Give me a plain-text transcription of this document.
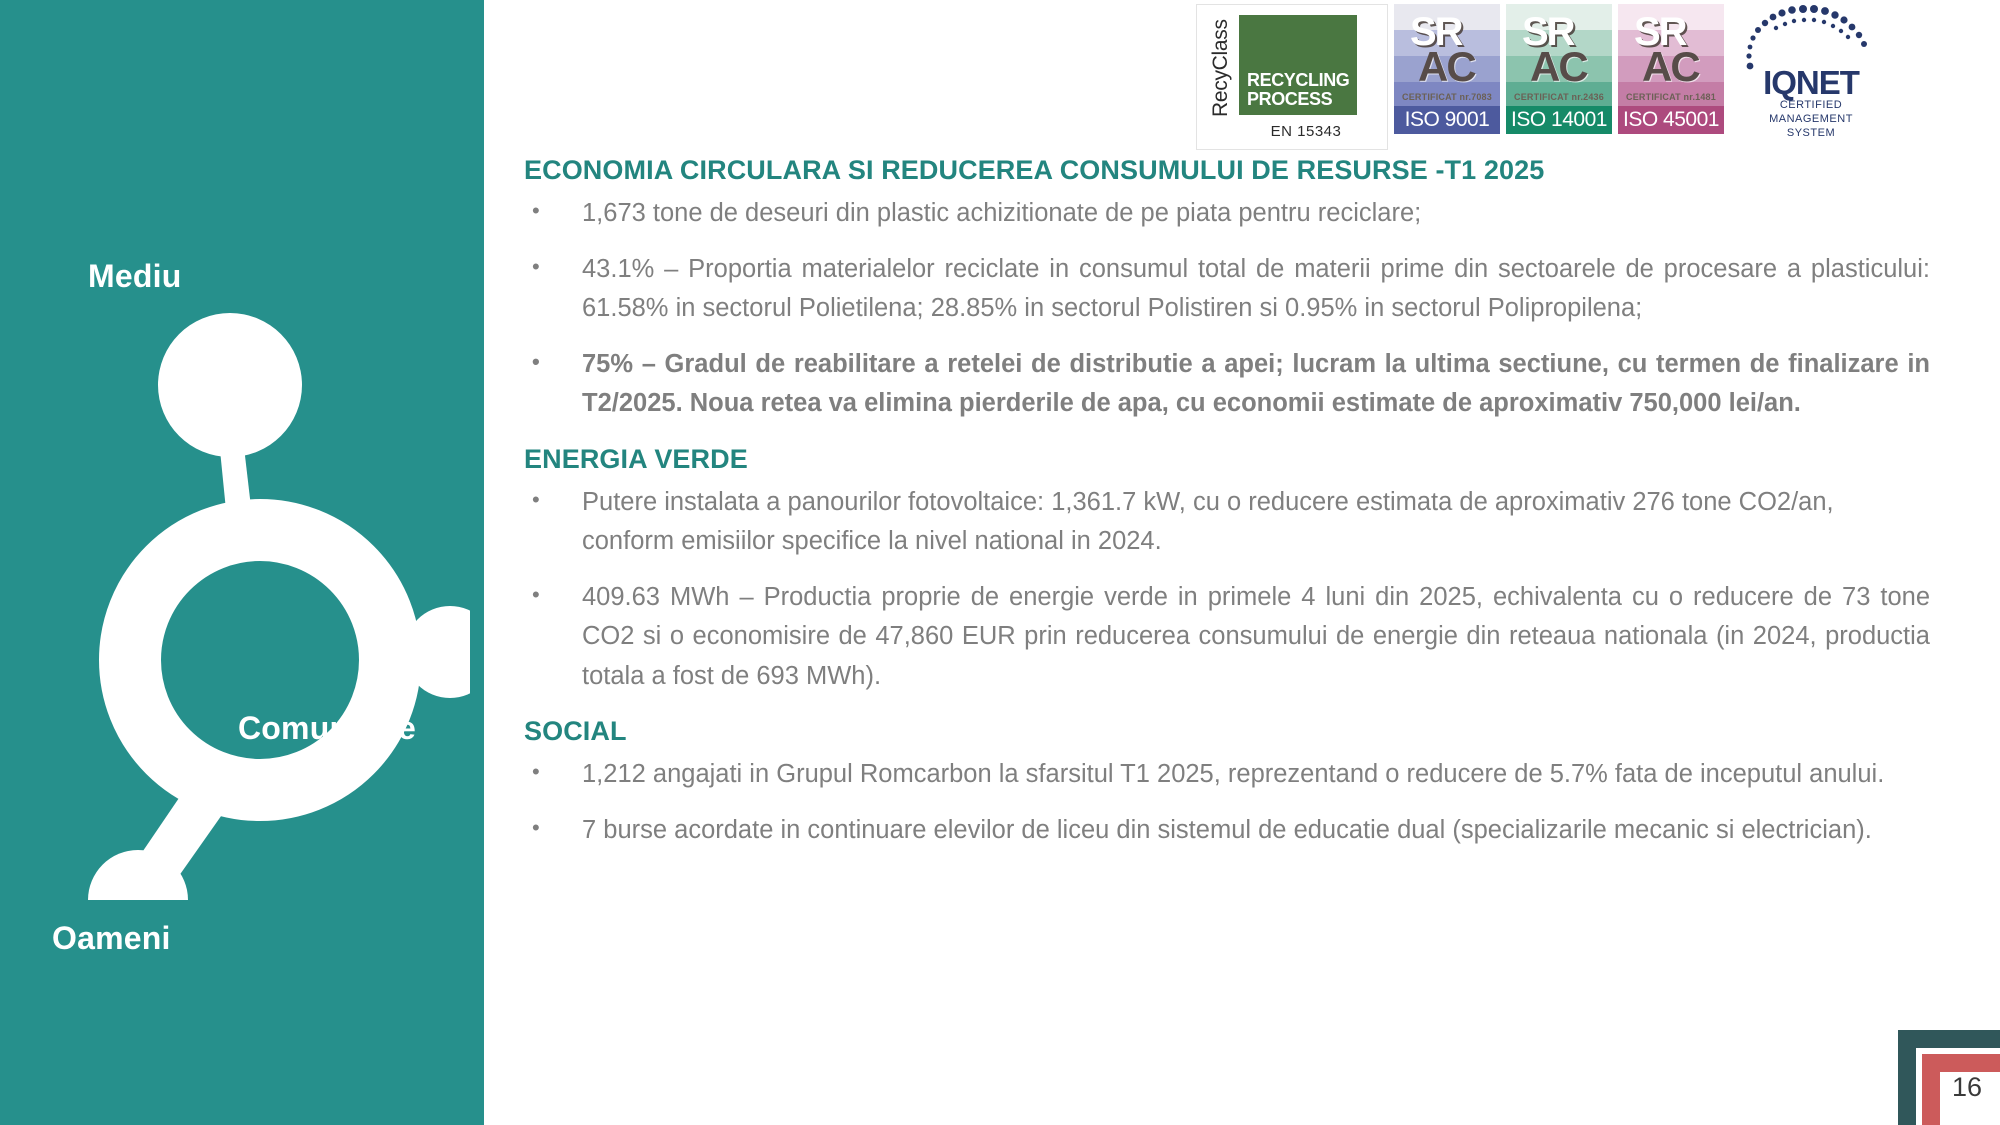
Mediu
Comunitate
Oameni
RecyClass RECYCLING
PROCESS
EN 15343
SR
AC
CERTIFICAT nr.7083
ISO 9001
SR
AC
CERTIFICAT nr.2436
ISO 14001
SR
AC
CERTIFICAT nr.1481
ISO 45001
IQNET
CERTIFIED
MANAGEMENT
SYSTEM
ECONOMIA CIRCULARA SI REDUCEREA CONSUMULUI DE RESURSE -T1 2025
• 1,673 tone de deseuri din plastic achizitionate de pe piata pentru reciclare;
• 43.1% – Proportia materialelor reciclate in consumul total de materii prime din sectoarele de procesare a plasticului: 61.58% in sectorul Polietilena; 28.85% in sectorul Polistiren si 0.95% in sectorul Polipropilena;
• 75% – Gradul de reabilitare a retelei de distributie a apei; lucram la ultima sectiune, cu termen de finalizare in T2/2025. Noua retea va elimina pierderile de apa, cu economii estimate de aproximativ 750,000 lei/an.
ENERGIA VERDE
• Putere instalata a panourilor fotovoltaice: 1,361.7 kW, cu o reducere estimata de aproximativ 276 tone CO2/an, conform emisiilor specifice la nivel national in 2024.
• 409.63 MWh – Productia proprie de energie verde in primele 4 luni din 2025, echivalenta cu o reducere de 73 tone CO2 si o economisire de 47,860 EUR prin reducerea consumului de energie din reteaua nationala (in 2024, productia totala a fost de 693 MWh).
SOCIAL
• 1,212 angajati in Grupul Romcarbon la sfarsitul T1 2025, reprezentand o reducere de 5.7% fata de inceputul anului.
• 7 burse acordate in continuare elevilor de liceu din sistemul de educatie dual (specializarile mecanic si electrician).
16
